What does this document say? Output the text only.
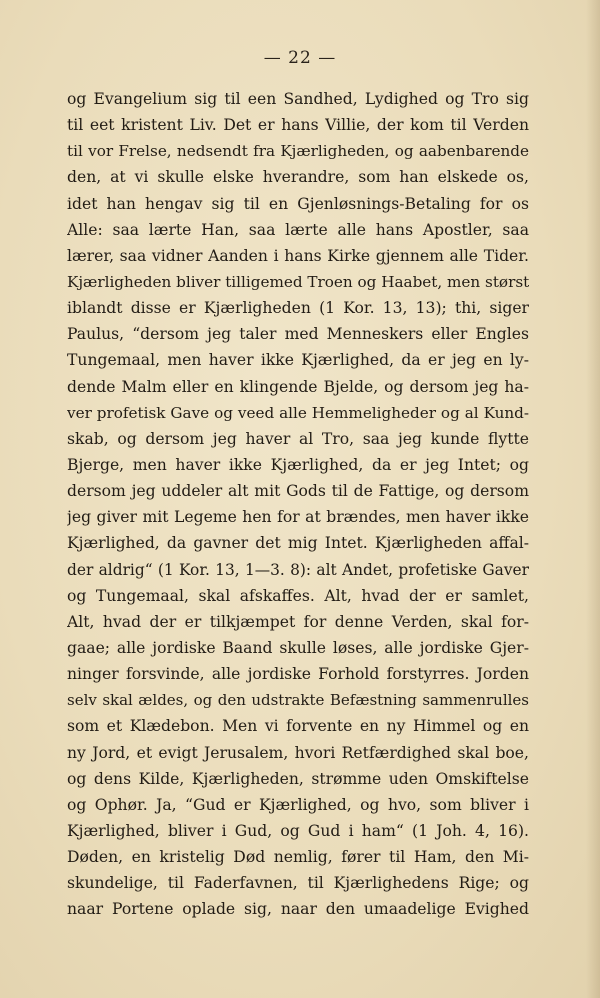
— 22 —
og Evangelium sig til een Sandhed, Lydighed og Tro sig
til eet kristent Liv. Det er hans Villie, der kom til Verden
til vor Frelse, nedsendt fra Kjærligheden, og aabenbarende
den, at vi skulle elske hverandre, som han elskede os,
idet han hengav sig til en Gjenløsnings-Betaling for os
Alle: saa lærte Han, saa lærte alle hans Apostler, saa
lærer, saa vidner Aanden i hans Kirke gjennem alle Tider.
Kjærligheden bliver tilligemed Troen og Haabet, men størst
iblandt disse er Kjærligheden (1 Kor. 13, 13); thi, siger
Paulus, “dersom jeg taler med Menneskers eller Engles
Tungemaal, men haver ikke Kjærlighed, da er jeg en ly-
dende Malm eller en klingende Bjelde, og dersom jeg ha-
ver profetisk Gave og veed alle Hemmeligheder og al Kund-
skab, og dersom jeg haver al Tro, saa jeg kunde flytte
Bjerge, men haver ikke Kjærlighed, da er jeg Intet; og
dersom jeg uddeler alt mit Gods til de Fattige, og dersom
jeg giver mit Legeme hen for at brændes, men haver ikke
Kjærlighed, da gavner det mig Intet. Kjærligheden affal-
der aldrig“ (1 Kor. 13, 1—3. 8): alt Andet, profetiske Gaver
og Tungemaal, skal afskaffes. Alt, hvad der er samlet,
Alt, hvad der er tilkjæmpet for denne Verden, skal for-
gaae; alle jordiske Baand skulle løses, alle jordiske Gjer-
ninger forsvinde, alle jordiske Forhold forstyrres. Jorden
selv skal ældes, og den udstrakte Befæstning sammenrulles
som et Klædebon. Men vi forvente en ny Himmel og en
ny Jord, et evigt Jerusalem, hvori Retfærdighed skal boe,
og dens Kilde, Kjærligheden, strømme uden Omskiftelse
og Ophør. Ja, “Gud er Kjærlighed, og hvo, som bliver i
Kjærlighed, bliver i Gud, og Gud i ham“ (1 Joh. 4, 16).
Døden, en kristelig Død nemlig, fører til Ham, den Mi-
skundelige, til Faderfavnen, til Kjærlighedens Rige; og
naar Portene oplade sig, naar den umaadelige Evighed
